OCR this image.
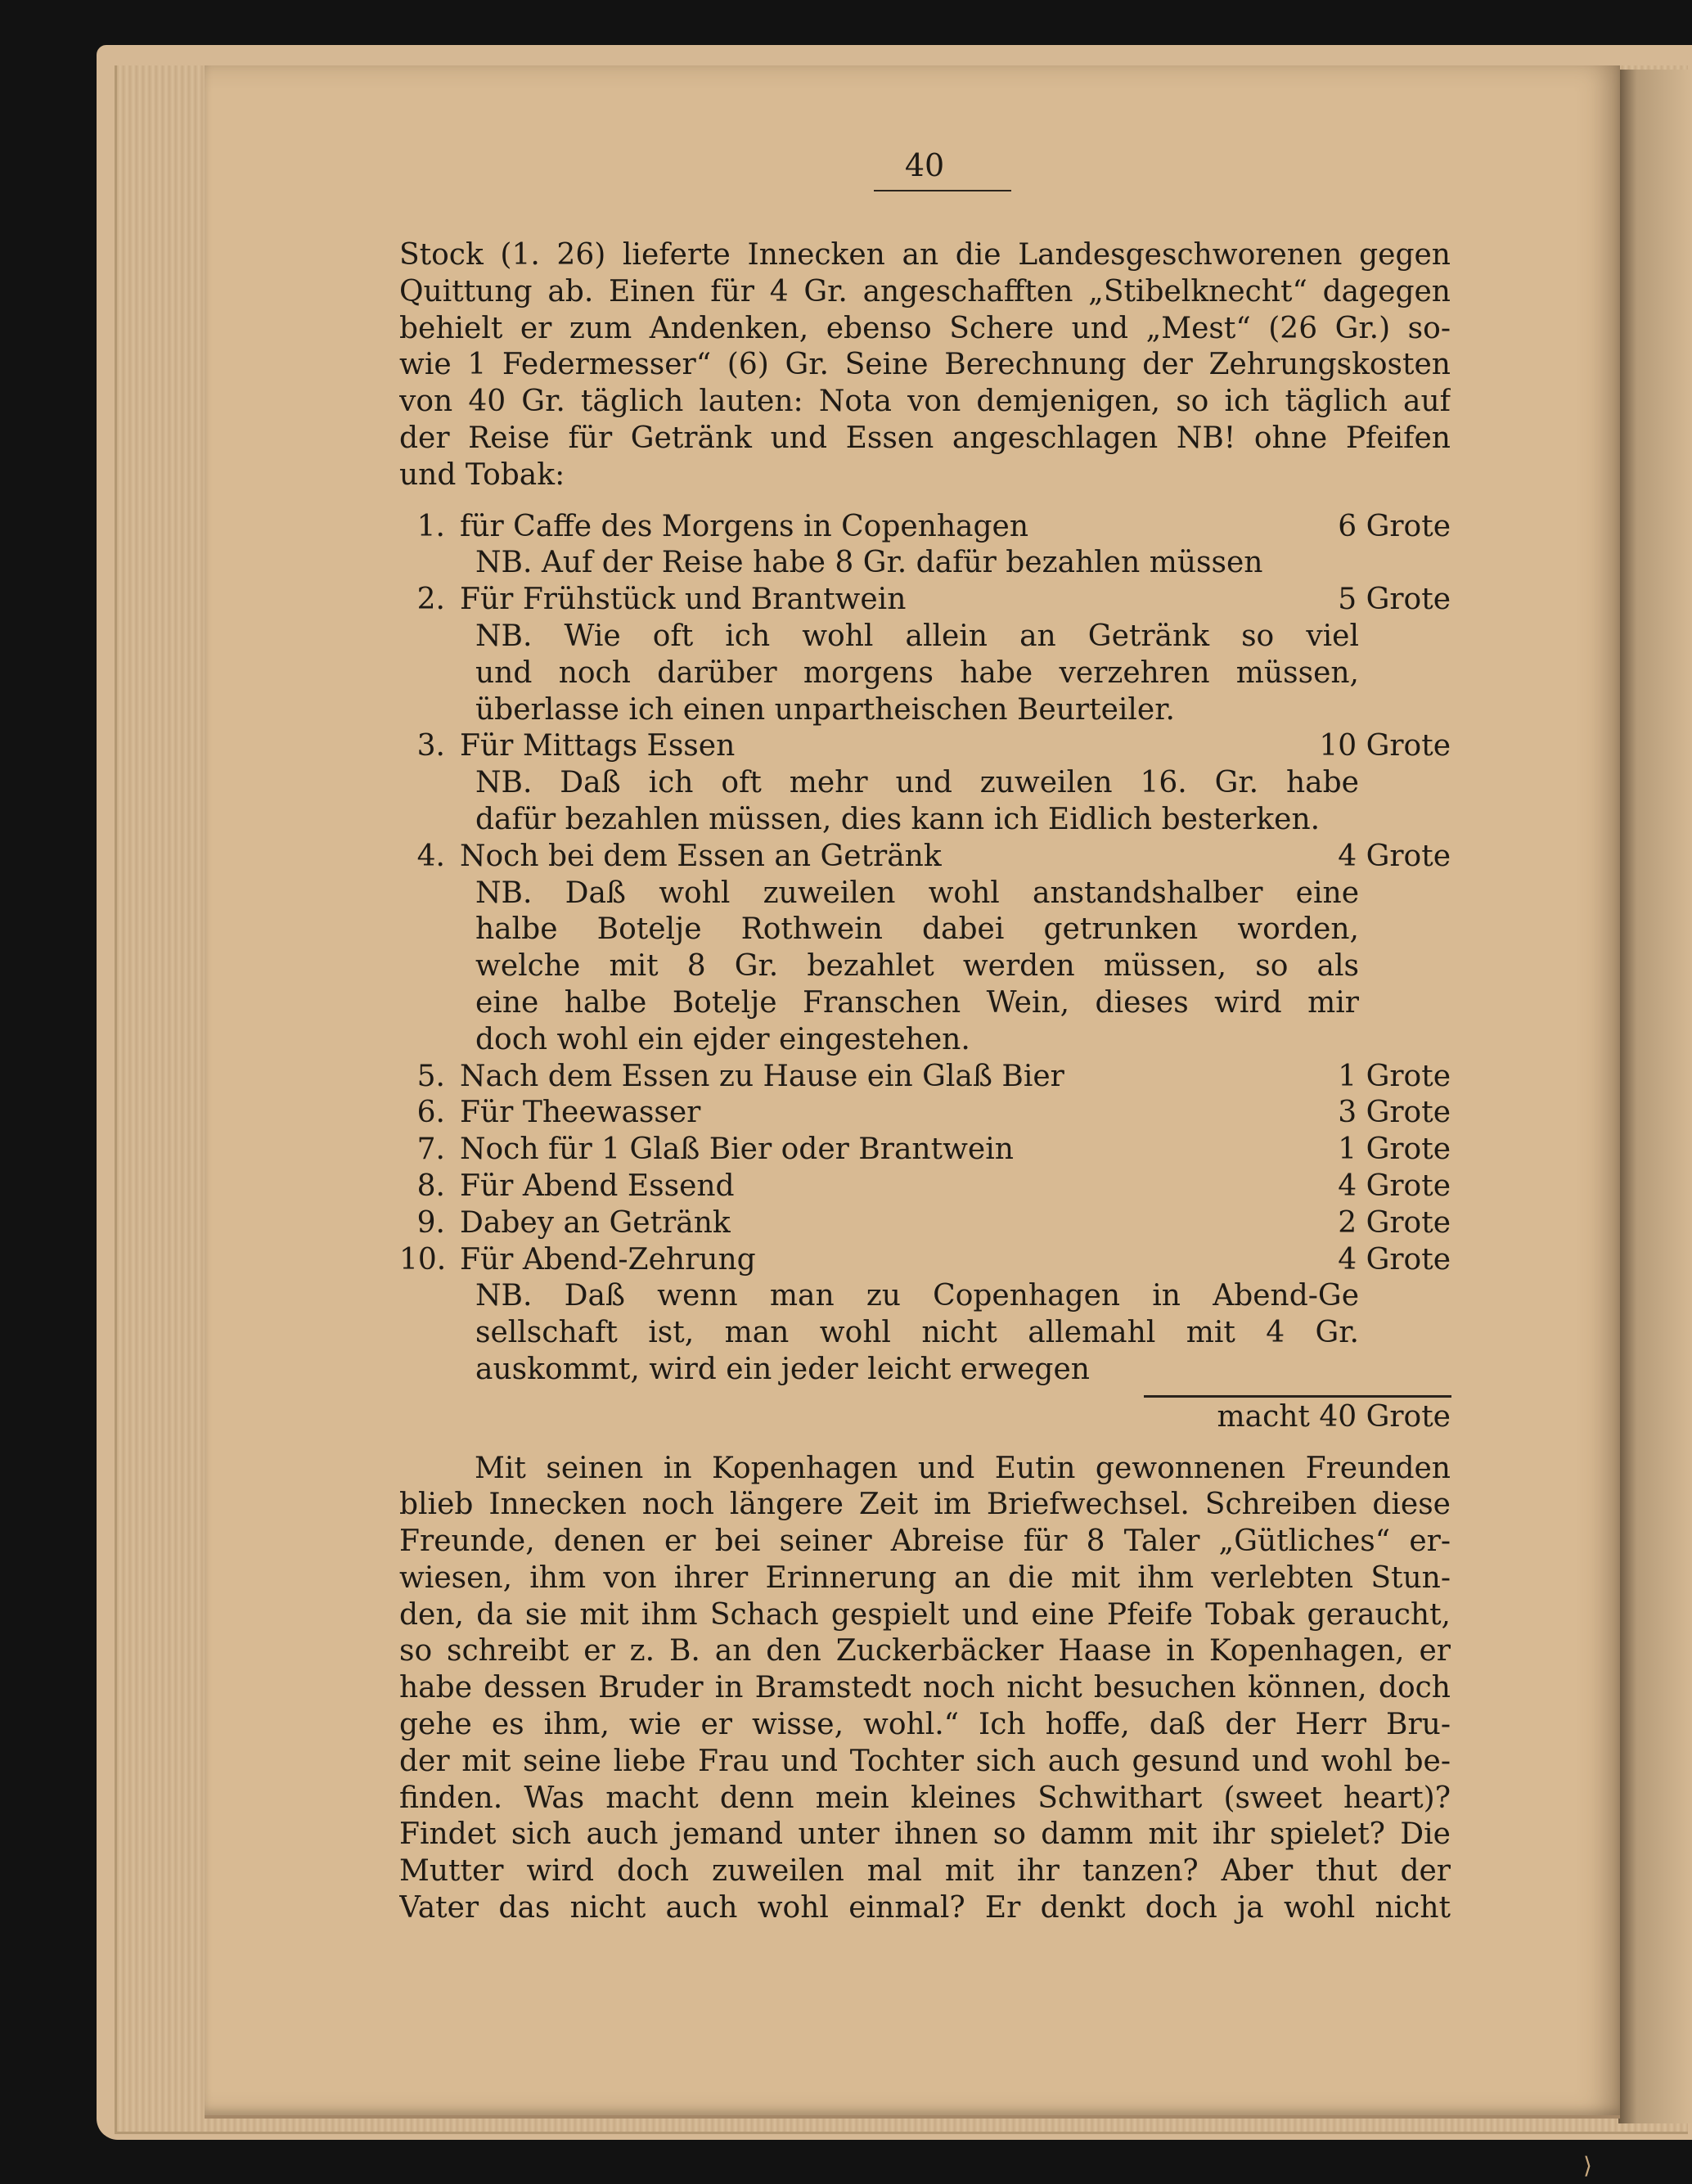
40
Stock (1. 26) lieferte Innecken an die Landesgeschworenen gegen
Quittung ab. Einen für 4 Gr. angeschafften „Stibelknecht“ dagegen
behielt er zum Andenken, ebenso Schere und „Mest“ (26 Gr.) so-
wie 1 Federmesser“ (6) Gr. Seine Berechnung der Zehrungskosten
von 40 Gr. täglich lauten: Nota von demjenigen, so ich täglich auf
der Reise für Getränk und Essen angeschlagen NB! ohne Pfeifen
und Tobak:
1. für Caffe des Morgens in Copenhagen	6 Grote
NB. Auf der Reise habe 8 Gr. dafür bezahlen müssen
2. Für Frühstück und Brantwein	5 Grote
NB. Wie oft ich wohl allein an Getränk so viel
und noch darüber morgens habe verzehren müssen,
überlasse ich einen unpartheischen Beurteiler.
3. Für Mittags Essen	10 Grote
NB. Daß ich oft mehr und zuweilen 16. Gr. habe
dafür bezahlen müssen, dies kann ich Eidlich besterken.
4. Noch bei dem Essen an Getränk	4 Grote
NB. Daß wohl zuweilen wohl anstandshalber eine
halbe Botelje Rothwein dabei getrunken worden,
welche mit 8 Gr. bezahlet werden müssen, so als
eine halbe Botelje Franschen Wein, dieses wird mir
doch wohl ein ejder eingestehen.
5. Nach dem Essen zu Hause ein Glaß Bier	1 Grote
6. Für Theewasser	3 Grote
7. Noch für 1 Glaß Bier oder Brantwein	1 Grote
8. Für Abend Essend	4 Grote
9. Dabey an Getränk	2 Grote
10. Für Abend-Zehrung	4 Grote
NB. Daß wenn man zu Copenhagen in Abend-Ge
sellschaft ist, man wohl nicht allemahl mit 4 Gr.
auskommt, wird ein jeder leicht erwegen
macht 40 Grote
Mit seinen in Kopenhagen und Eutin gewonnenen Freunden
blieb Innecken noch längere Zeit im Briefwechsel. Schreiben diese
Freunde, denen er bei seiner Abreise für 8 Taler „Gütliches“ er-
wiesen, ihm von ihrer Erinnerung an die mit ihm verlebten Stun-
den, da sie mit ihm Schach gespielt und eine Pfeife Tobak geraucht,
so schreibt er z. B. an den Zuckerbäcker Haase in Kopenhagen, er
habe dessen Bruder in Bramstedt noch nicht besuchen können, doch
gehe es ihm, wie er wisse, wohl.“ Ich hoffe, daß der Herr Bru-
der mit seine liebe Frau und Tochter sich auch gesund und wohl be-
finden. Was macht denn mein kleines Schwithart (sweet heart)?
Findet sich auch jemand unter ihnen so damm mit ihr spielet? Die
Mutter wird doch zuweilen mal mit ihr tanzen? Aber thut der
Vater das nicht auch wohl einmal? Er denkt doch ja wohl nicht
⟩
